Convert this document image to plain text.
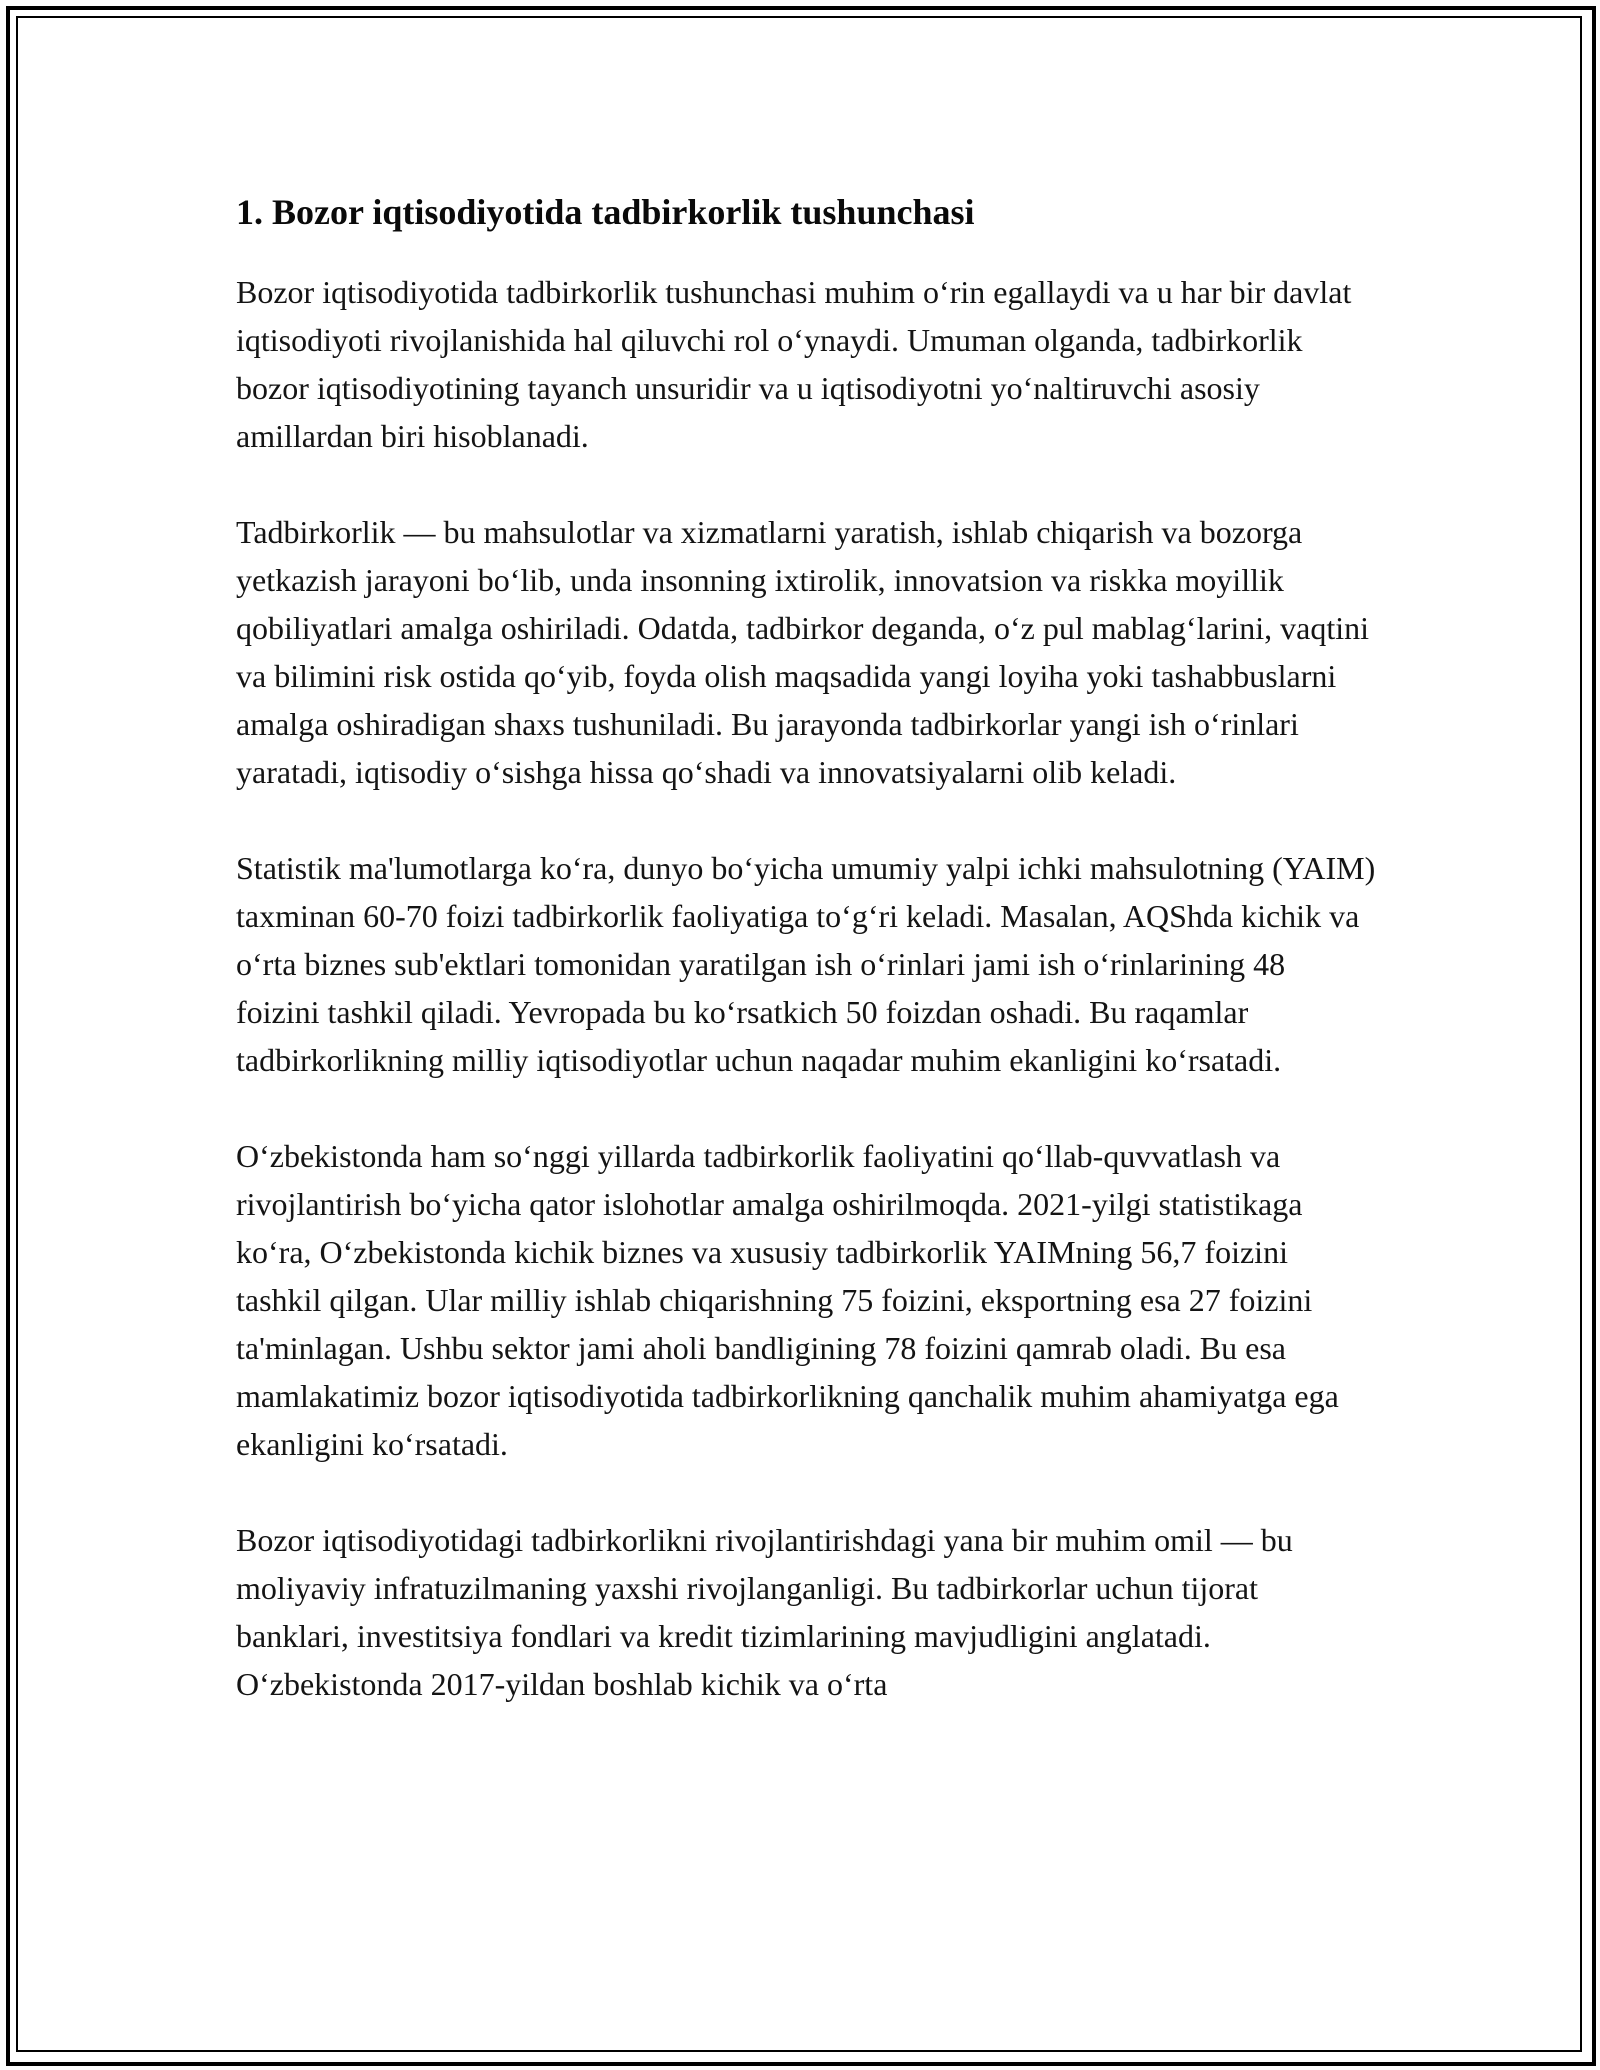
1. Bozor iqtisodiyotida tadbirkorlik tushunchasi

Bozor iqtisodiyotida tadbirkorlik tushunchasi muhim o‘rin egallaydi va u har bir davlat iqtisodiyoti rivojlanishida hal qiluvchi rol o‘ynaydi. Umuman olganda, tadbirkorlik bozor iqtisodiyotining tayanch unsuridir va u iqtisodiyotni yo‘naltiruvchi asosiy amillardan biri hisoblanadi.

Tadbirkorlik — bu mahsulotlar va xizmatlarni yaratish, ishlab chiqarish va bozorga yetkazish jarayoni bo‘lib, unda insonning ixtirolik, innovatsion va riskka moyillik qobiliyatlari amalga oshiriladi. Odatda, tadbirkor deganda, o‘z pul mablag‘larini, vaqtini va bilimini risk ostida qo‘yib, foyda olish maqsadida yangi loyiha yoki tashabbuslarni amalga oshiradigan shaxs tushuniladi. Bu jarayonda tadbirkorlar yangi ish o‘rinlari yaratadi, iqtisodiy o‘sishga hissa qo‘shadi va innovatsiyalarni olib keladi.

Statistik ma'lumotlarga ko‘ra, dunyo bo‘yicha umumiy yalpi ichki mahsulotning (YAIM) taxminan 60-70 foizi tadbirkorlik faoliyatiga to‘g‘ri keladi. Masalan, AQShda kichik va o‘rta biznes sub'ektlari tomonidan yaratilgan ish o‘rinlari jami ish o‘rinlarining 48 foizini tashkil qiladi. Yevropada bu ko‘rsatkich 50 foizdan oshadi. Bu raqamlar tadbirkorlikning milliy iqtisodiyotlar uchun naqadar muhim ekanligini ko‘rsatadi.

O‘zbekistonda ham so‘nggi yillarda tadbirkorlik faoliyatini qo‘llab-quvvatlash va rivojlantirish bo‘yicha qator islohotlar amalga oshirilmoqda. 2021-yilgi statistikaga ko‘ra, O‘zbekistonda kichik biznes va xususiy tadbirkorlik YAIMning 56,7 foizini tashkil qilgan. Ular milliy ishlab chiqarishning 75 foizini, eksportning esa 27 foizini ta'minlagan. Ushbu sektor jami aholi bandligining 78 foizini qamrab oladi. Bu esa mamlakatimiz bozor iqtisodiyotida tadbirkorlikning qanchalik muhim ahamiyatga ega ekanligini ko‘rsatadi.

Bozor iqtisodiyotidagi tadbirkorlikni rivojlantirishdagi yana bir muhim omil — bu moliyaviy infratuzilmaning yaxshi rivojlanganligi. Bu tadbirkorlar uchun tijorat banklari, investitsiya fondlari va kredit tizimlarining mavjudligini anglatadi. O‘zbekistonda 2017-yildan boshlab kichik va o‘rta
